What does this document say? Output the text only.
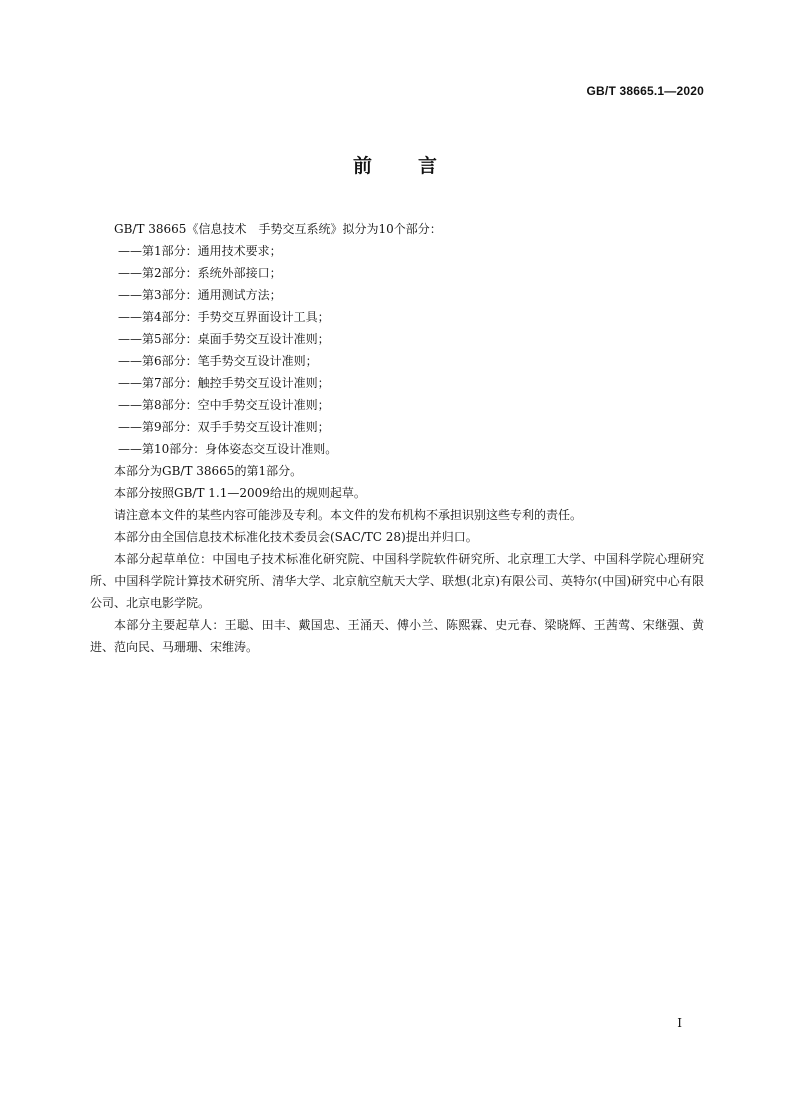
GB/T 38665.1—2020
前 言

GB/T 38665《信息技术　手势交互系统》拟分为10个部分：

——第1部分：通用技术要求；
——第2部分：系统外部接口；
——第3部分：通用测试方法；
——第4部分：手势交互界面设计工具；
——第5部分：桌面手势交互设计准则；
——第6部分：笔手势交互设计准则；
——第7部分：触控手势交互设计准则；
——第8部分：空中手势交互设计准则；
——第9部分：双手手势交互设计准则；
——第10部分：身体姿态交互设计准则。

本部分为GB/T 38665的第1部分。

本部分按照GB/T 1.1—2009给出的规则起草。

请注意本文件的某些内容可能涉及专利。本文件的发布机构不承担识别这些专利的责任。

本部分由全国信息技术标准化技术委员会(SAC/TC 28)提出并归口。

本部分起草单位：中国电子技术标准化研究院、中国科学院软件研究所、北京理工大学、中国科学院心理研究所、中国科学院计算技术研究所、清华大学、北京航空航天大学、联想(北京)有限公司、英特尔(中国)研究中心有限公司、北京电影学院。

本部分主要起草人：王聪、田丰、戴国忠、王涌天、傅小兰、陈熙霖、史元春、梁晓辉、王茜莺、宋继强、黄进、范向民、马珊珊、宋维涛。

I
